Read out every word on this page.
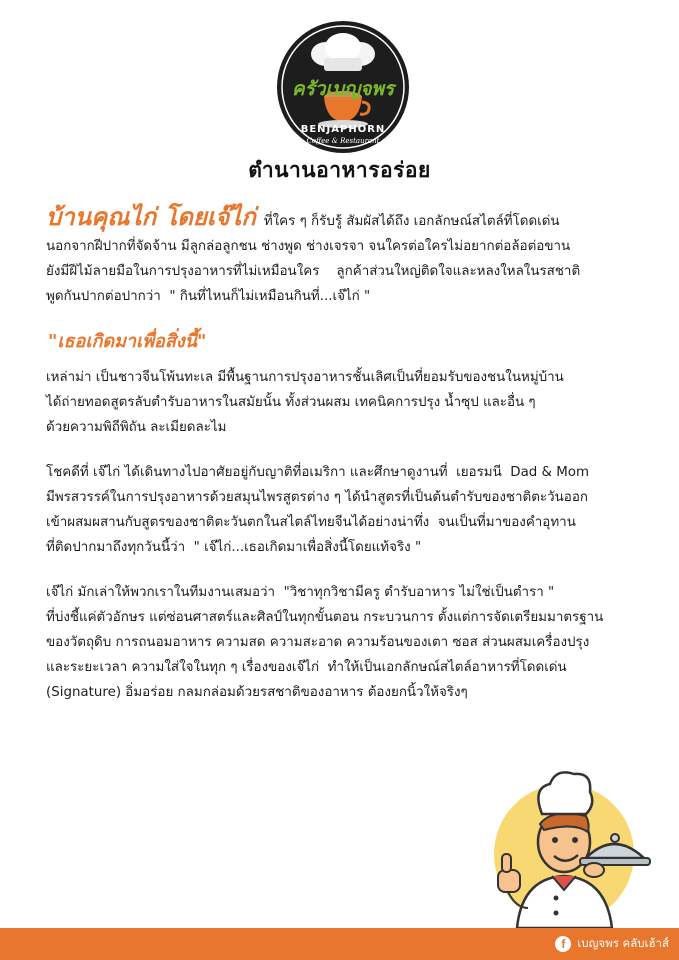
ครัวเบญจพร
BENJAPHORN
Coffee & Restaurant
ตำนานอาหารอร่อย
บ้านคุณไก่ โดยเจ๊ไก่ ที่ใคร ๆ ก็รับรู้ สัมผัสได้ถึง เอกลักษณ์สไตล์ที่โดดเด่น
นอกจากฝีปากที่จัดจ้าน มีลูกล่อลูกชน ช่างพูด ช่างเจรจา จนใครต่อใครไม่อยากต่อล้อต่อขาน
ยังมีฝีไม้ลายมือในการปรุงอาหารที่ไม่เหมือนใคร    ลูกค้าส่วนใหญ่ติดใจและหลงใหลในรสชาติ
พูดกันปากต่อปากว่า  " กินที่ไหนก็ไม่เหมือนกินที่...เจ๊ไก่ "
"เธอเกิดมาเพื่อสิ่งนี้"
เหล่าม่า เป็นชาวจีนโพ้นทะเล มีพื้นฐานการปรุงอาหารชั้นเลิศเป็นที่ยอมรับของชนในหมู่บ้าน
ได้ถ่ายทอดสูตรลับตำรับอาหารในสมัยนั้น ทั้งส่วนผสม เทคนิคการปรุง น้ำซุป และอื่น ๆ
ด้วยความพิถีพิถัน ละเมียดละไม
โชคดีที่ เจ๊ไก่ ได้เดินทางไปอาศัยอยู่กับญาติที่อเมริกา และศึกษาดูงานที่  เยอรมนี  Dad & Mom
มีพรสวรรค์ในการปรุงอาหารด้วยสมุนไพรสูตรต่าง ๆ ได้นำสูตรที่เป็นต้นตำรับของชาติตะวันออก
เข้าผสมผสานกับสูตรของชาติตะวันตกในสไตล์ไทยจีนได้อย่างน่าทึ่ง  จนเป็นที่มาของคำอุทาน
ที่ติดปากมาถึงทุกวันนี้ว่า  " เจ๊ไก่...เธอเกิดมาเพื่อสิ่งนี้โดยแท้จริง "
เจ๊ไก่ มักเล่าให้พวกเราในทีมงานเสมอว่า  "วิชาทุกวิชามีครู ตำรับอาหาร ไม่ใช่เป็นตำรา "
ที่บ่งชี้แค่ตัวอักษร แต่ซ่อนศาสตร์และศิลป์ในทุกขั้นตอน กระบวนการ ตั้งแต่การจัดเตรียมมาตรฐาน
ของวัตถุดิบ การถนอมอาหาร ความสด ความสะอาด ความร้อนของเตา ซอส ส่วนผสมเครื่องปรุง
และระยะเวลา ความใส่ใจในทุก ๆ เรื่องของเจ๊ไก่  ทำให้เป็นเอกลักษณ์สไตล์อาหารที่โดดเด่น
(Signature) อิ่มอร่อย กลมกล่อมด้วยรสชาติของอาหาร ต้องยกนิ้วให้จริงๆ
f	เบญจพร คลับเฮ้าส์
